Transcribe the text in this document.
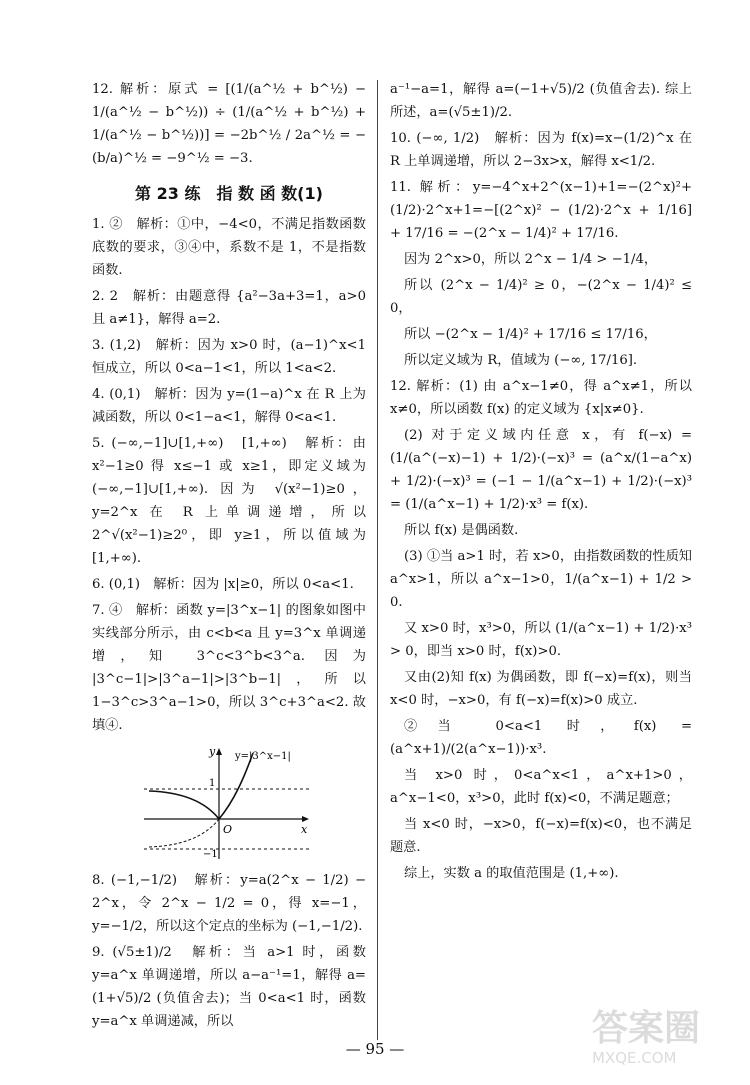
12. 解析：原式 = [(1/(a^½ + b^½) − 1/(a^½ − b^½)) ÷ (1/(a^½ + b^½) + 1/(a^½ − b^½))] = −2b^½ / 2a^½ = −(b/a)^½ = −9^½ = −3.

第 23 练　指 数 函 数(1)

1. ②　解析：①中，−4<0，不满足指数函数底数的要求，③④中，系数不是 1，不是指数函数.

2. 2　解析：由题意得 {a²−3a+3=1，a>0 且 a≠1}，解得 a=2.

3. (1,2)　解析：因为 x>0 时，(a−1)^x<1 恒成立，所以 0<a−1<1，所以 1<a<2.

4. (0,1)　解析：因为 y=(1−a)^x 在 R 上为减函数，所以 0<1−a<1，解得 0<a<1.

5. (−∞,−1]∪[1,+∞)　[1,+∞)　解析：由 x²−1≥0 得 x≤−1 或 x≥1，即定义域为 (−∞,−1]∪[1,+∞). 因为 √(x²−1)≥0，y=2^x 在 R 上单调递增，所以 2^√(x²−1)≥2⁰，即 y≥1，所以值域为 [1,+∞).

6. (0,1)　解析：因为 |x|≥0，所以 0<a<1.

7. ④　解析：函数 y=|3^x−1| 的图象如图中实线部分所示，由 c<b<a 且 y=3^x 单调递增，知 3^c<3^b<3^a. 因为 |3^c−1|>|3^a−1|>|3^b−1|，所以 1−3^c>3^a−1>0，所以 3^c+3^a<2. 故填④.

y
x
O
1
−1
y=|3^x−1|

8. (−1,−1/2)　解析：y=a(2^x − 1/2) − 2^x，令 2^x − 1/2 = 0，得 x=−1，y=−1/2，所以这个定点的坐标为 (−1,−1/2).

9. (√5±1)/2　解析：当 a>1 时，函数 y=a^x 单调递增，所以 a−a⁻¹=1，解得 a=(1+√5)/2 (负值舍去)；当 0<a<1 时，函数 y=a^x 单调递减，所以

a⁻¹−a=1，解得 a=(−1+√5)/2 (负值舍去). 综上所述，a=(√5±1)/2.

10. (−∞, 1/2)　解析：因为 f(x)=x−(1/2)^x 在 R 上单调递增，所以 2−3x>x，解得 x<1/2.

11. 解析：y=−4^x+2^(x−1)+1=−(2^x)²+(1/2)·2^x+1=−[(2^x)² − (1/2)·2^x + 1/16] + 17/16 = −(2^x − 1/4)² + 17/16.

因为 2^x>0，所以 2^x − 1/4 > −1/4，

所以 (2^x − 1/4)² ≥ 0，−(2^x − 1/4)² ≤ 0，

所以 −(2^x − 1/4)² + 17/16 ≤ 17/16，

所以定义域为 R，值域为 (−∞, 17/16].

12. 解析：(1) 由 a^x−1≠0，得 a^x≠1，所以 x≠0，所以函数 f(x) 的定义域为 {x|x≠0}.

(2) 对于定义域内任意 x，有 f(−x) = (1/(a^(−x)−1) + 1/2)·(−x)³ = (a^x/(1−a^x) + 1/2)·(−x)³ = (−1 − 1/(a^x−1) + 1/2)·(−x)³ = (1/(a^x−1) + 1/2)·x³ = f(x).

所以 f(x) 是偶函数.

(3) ①当 a>1 时，若 x>0，由指数函数的性质知 a^x>1，所以 a^x−1>0，1/(a^x−1) + 1/2 > 0.

又 x>0 时，x³>0，所以 (1/(a^x−1) + 1/2)·x³ > 0，即当 x>0 时，f(x)>0.

又由(2)知 f(x) 为偶函数，即 f(−x)=f(x)，则当 x<0 时，−x>0，有 f(−x)=f(x)>0 成立.

②当 0<a<1 时，f(x) = (a^x+1)/(2(a^x−1))·x³.

当 x>0 时，0<a^x<1，a^x+1>0，a^x−1<0，x³>0，此时 f(x)<0，不满足题意；

当 x<0 时，−x>0，f(−x)=f(x)<0，也不满足题意.

综上，实数 a 的取值范围是 (1,+∞).

— 95 —	答案圈
MXQE.COM
